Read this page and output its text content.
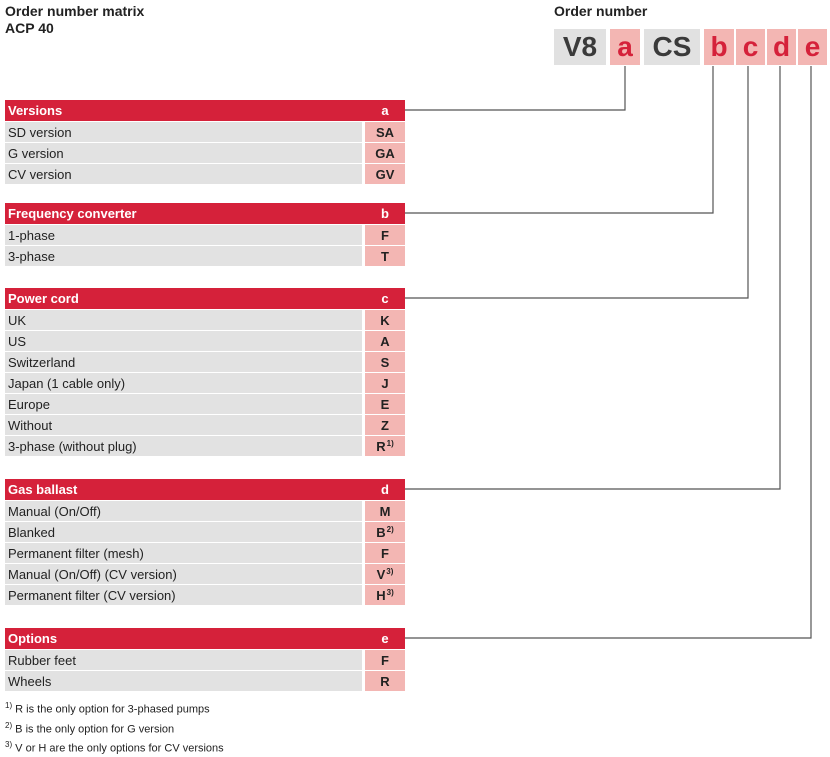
Order number matrix
ACP 40
Order number
V8 a CS b c d e
Versions	a
SD version	SA
G version	GA
CV version	GV
Frequency converter	b
1-phase	F
3-phase	T
Power cord	c
UK	K
US	A
Switzerland	S
Japan (1 cable only)	J
Europe	E
Without	Z
3-phase (without plug)	$R^{1)}$
Gas ballast	d
Manual (On/Off)	M
Blanked	$B^{2)}$
Permanent filter (mesh)	F
Manual (On/Off) (CV version)	$V^{3)}$
Permanent filter (CV version)	$H^{3)}$
Options	e
Rubber feet	F
Wheels	R
$^{1)}$ R is the only option for 3-phased pumps
$^{2)}$ B is the only option for G version
$^{3)}$ V or H are the only options for CV versions
